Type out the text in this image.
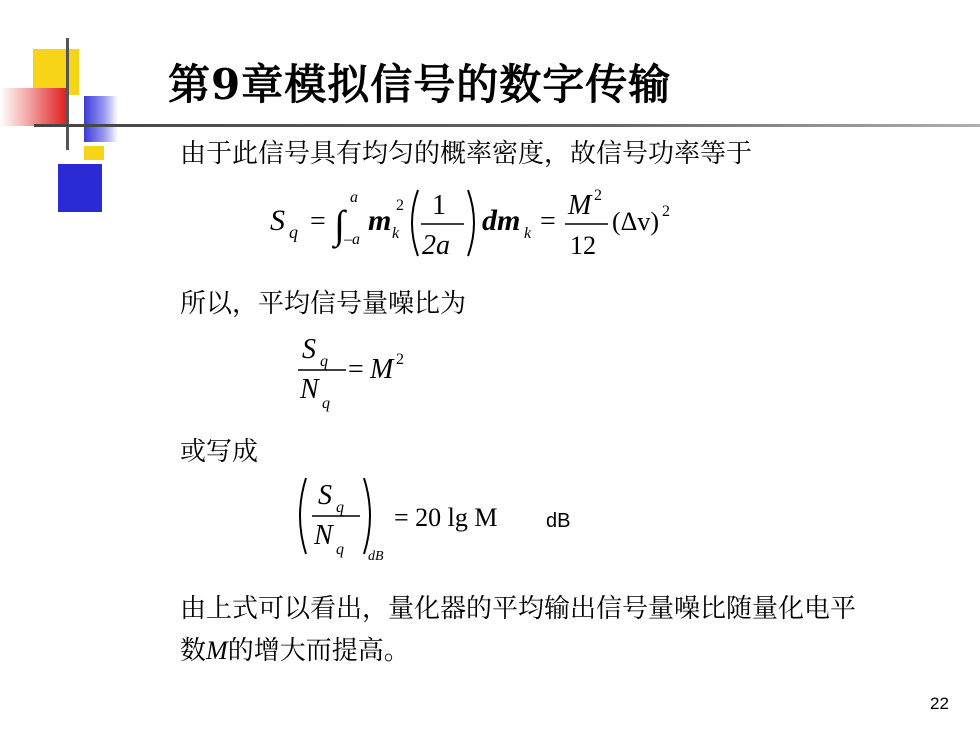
第9章模拟信号的数字传输
由于此信号具有均匀的概率密度，故信号功率等于
S q = ∫
a
–a
m k
2 1
2a
dm k =
M 2
12
(Δv) 2
所以，平均信号量噪比为
S q
N q
= M 2
或写成
S q
N q dB
= 20 lg M dB
由上式可以看出，量化器的平均输出信号量噪比随量化电平
数M的增大而提高。
22
